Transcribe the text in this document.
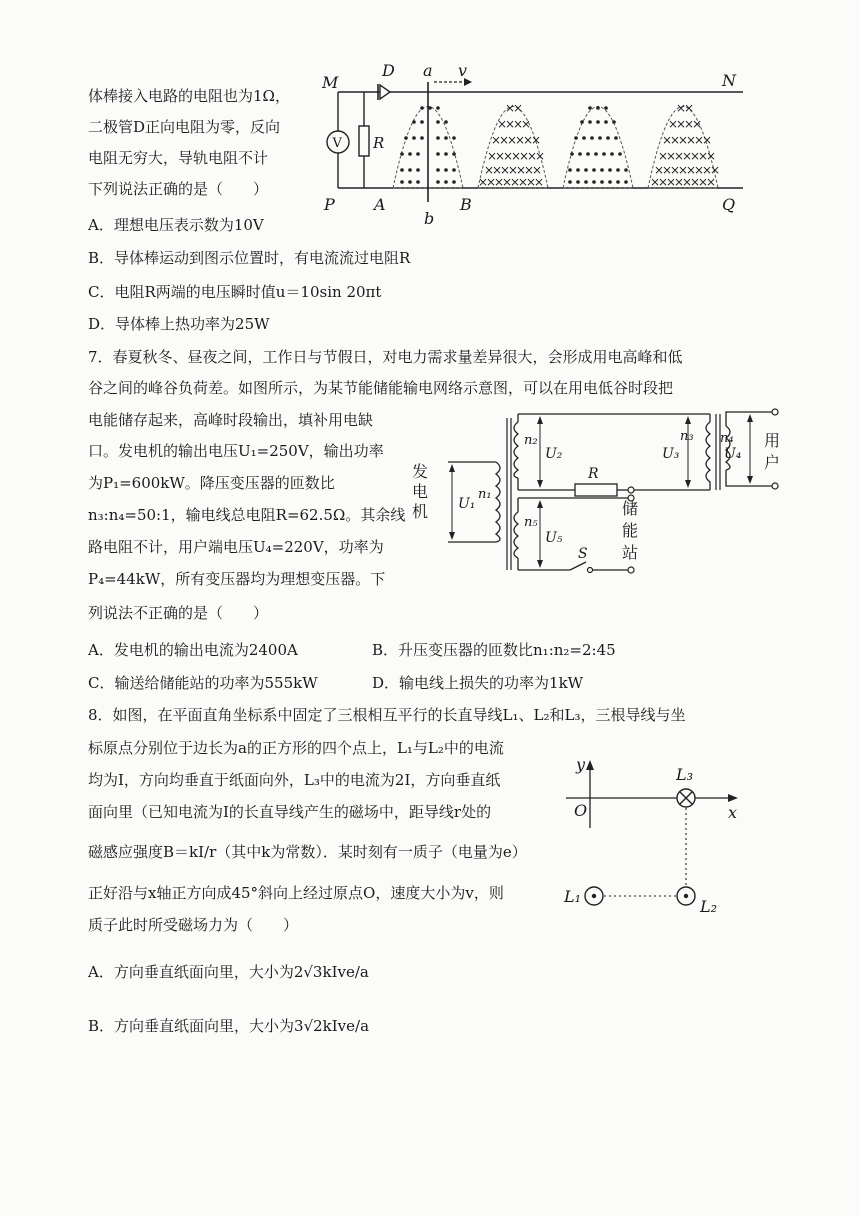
体棒接入电路的电阻也为1Ω，
二极管D正向电阻为零，反向
电阻无穷大，导轨电阻不计
下列说法正确的是（　　）
V R
×
×
×
×
×
×
×
×
×
×
×
×
×
×
×
×
×
×
×
×
×
×
×
×
×
×
×
×
×
×
×
×
×
×
×
×
×
×
×
×
×
×
×
×
×
×
×
×
×
×
×
×
×
×
×
×
×
×
×
×
×
×
×
×
×
×
×
×
×
M	N
P	Q
D a v
A	B
b
A．理想电压表示数为10V
B．导体棒运动到图示位置时，有电流流过电阻R
C．电阻R两端的电压瞬时值u＝10sin 20πt
D．导体棒上热功率为25W
7．春夏秋冬、昼夜之间，工作日与节假日，对电力需求量差异很大，会形成用电高峰和低
谷之间的峰谷负荷差。如图所示，为某节能储能输电网络示意图，可以在用电低谷时段把
电能储存起来，高峰时段输出，填补用电缺
口。发电机的输出电压U₁=250V，输出功率
为P₁=600kW。降压变压器的匝数比
n₃:n₄=50:1，输电线总电阻R=62.5Ω。其余线
路电阻不计，用户端电压U₄=220V，功率为
P₄=44kW，所有变压器均为理想变压器。下
列说法不正确的是（　　）
U₁
n₁
n₂
R
U₂
n₅
S
U₅
U₃
n₃ n₄
U₄
发电机
用户
储能站
A．发电机的输出电流为2400A	B．升压变压器的匝数比n₁:n₂=2:45
C．输送给储能站的功率为555kW	D．输电线上损失的功率为1kW
8．如图，在平面直角坐标系中固定了三根相互平行的长直导线L₁、L₂和L₃，三根导线与坐
标原点分别位于边长为a的正方形的四个点上，L₁与L₂中的电流
均为I，方向均垂直于纸面向外，L₃中的电流为2I，方向垂直纸
面向里（已知电流为I的长直导线产生的磁场中，距导线r处的
磁感应强度B＝kI/r（其中k为常数）．某时刻有一质子（电量为e）
正好沿与x轴正方向成45°斜向上经过原点O，速度大小为v，则
质子此时所受磁场力为（　　）
y
x
O
L₃
L₁
L₂
A．方向垂直纸面向里，大小为2√3kIve/a
B．方向垂直纸面向里，大小为3√2kIve/a
